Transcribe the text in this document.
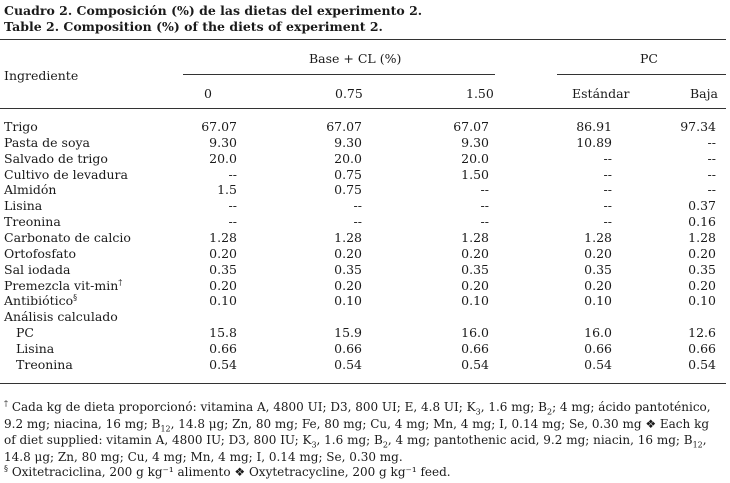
Cuadro 2. Composición (%) de las dietas del experimento 2.
Table 2. Composition (%) of the diets of experiment 2.
Ingrediente
Base + CL (%)	PC
0	0.75	1.50	Estándar	Baja
Trigo	67.07	67.07	67.07	86.91	97.34
Pasta de soya	9.30	9.30	9.30	10.89	--
Salvado de trigo	20.0	20.0	20.0	--	--
Cultivo de levadura	--	0.75	1.50	--	--
Almidón	1.5	0.75	--	--	--
Lisina	--	--	--	--	0.37
Treonina	--	--	--	--	0.16
Carbonato de calcio	1.28	1.28	1.28	1.28	1.28
Ortofosfato	0.20	0.20	0.20	0.20	0.20
Sal iodada	0.35	0.35	0.35	0.35	0.35
Premezcla vit-min†	0.20	0.20	0.20	0.20	0.20
Antibiótico§	0.10	0.10	0.10	0.10	0.10
Análisis calculado
PC	15.8	15.9	16.0	16.0	12.6
Lisina	0.66	0.66	0.66	0.66	0.66
Treonina	0.54	0.54	0.54	0.54	0.54
† Cada kg de dieta proporcionó: vitamina A, 4800 UI; D3, 800 UI; E, 4.8 UI; $K_3$, 1.6 mg; $B_2$; 4 mg; ácido pantoténico, 9.2 mg; niacina, 16 mg; $B_{12}$, 14.8 μg; Zn, 80 mg; Fe, 80 mg; Cu, 4 mg; Mn, 4 mg; I, 0.14 mg; Se, 0.30 mg ❖ Each kg of diet supplied: vitamin A, 4800 IU; D3, 800 IU; $K_3$, 1.6 mg; $B_2$, 4 mg; pantothenic acid, 9.2 mg; niacin, 16 mg; $B_{12}$, 14.8 μg; Zn, 80 mg; Cu, 4 mg; Mn, 4 mg; I, 0.14 mg; Se, 0.30 mg.
§ Oxitetraciclina, 200 g kg⁻¹ alimento ❖ Oxytetracycline, 200 g kg⁻¹ feed.
